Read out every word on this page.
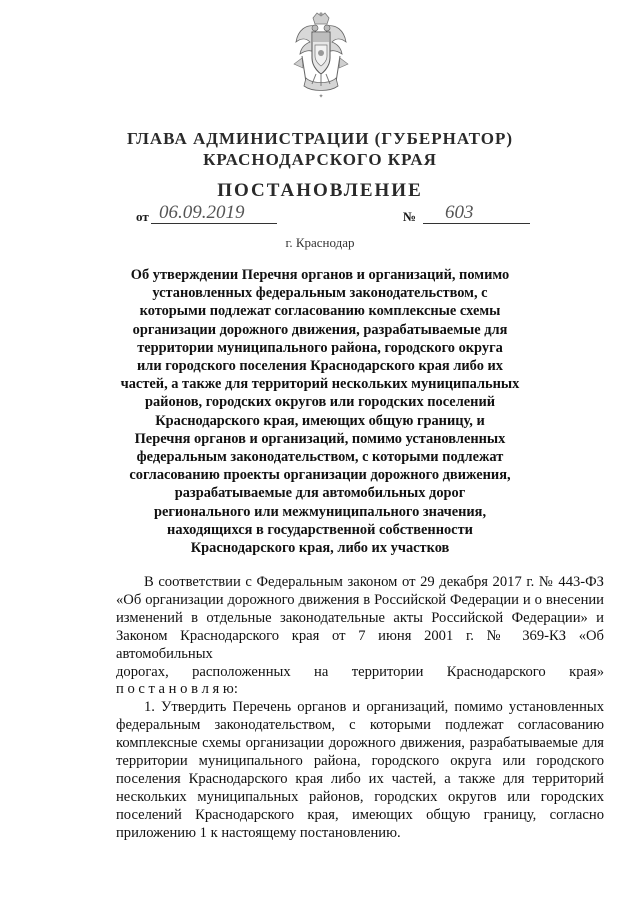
✦
ГЛАВА АДМИНИСТРАЦИИ (ГУБЕРНАТОР)
КРАСНОДАРСКОГО КРАЯ
ПОСТАНОВЛЕНИЕ
от 06.09.2019	№	603
г. Краснодар
Об утверждении Перечня органов и организаций, помимо
установленных федеральным законодательством, с
которыми подлежат согласованию комплексные схемы
организации дорожного движения, разрабатываемые для
территории муниципального района, городского округа
или городского поселения Краснодарского края либо их
частей, а также для территорий нескольких муниципальных
районов, городских округов или городских поселений
Краснодарского края, имеющих общую границу, и
Перечня органов и организаций, помимо установленных
федеральным законодательством, с которыми подлежат
согласованию проекты организации дорожного движения,
разрабатываемые для автомобильных дорог
регионального или межмуниципального значения,
находящихся в государственной собственности
Краснодарского края, либо их участков
В соответствии с Федеральным законом от 29 декабря 2017 г. № 443-ФЗ
«Об организации дорожного движения в Российской Федерации и о внесении
изменений в отдельные законодательные акты Российской Федерации» и
Законом Краснодарского края от 7 июня 2001 г. № 369-КЗ «Об автомобильных
дорогах, расположенных на территории Краснодарского края»
п о с т а н о в л я ю:
1. Утвердить Перечень органов и организаций, помимо установленных
федеральным законодательством, с которыми подлежат согласованию
комплексные схемы организации дорожного движения, разрабатываемые для
территории муниципального района, городского округа или городского
поселения Краснодарского края либо их частей, а также для территорий
нескольких муниципальных районов, городских округов или городских
поселений Краснодарского края, имеющих общую границу, согласно
приложению 1 к настоящему постановлению.
